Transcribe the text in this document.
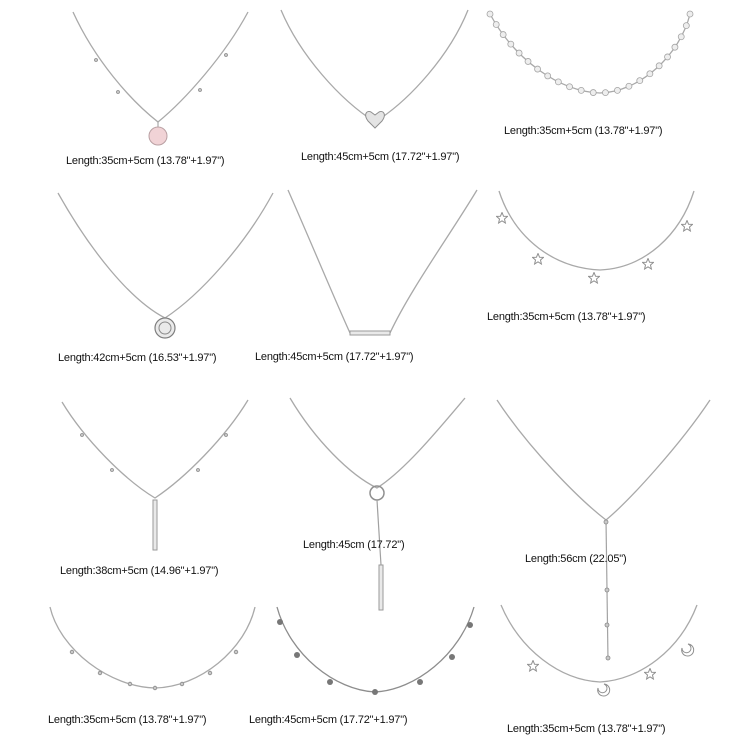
Length:35cm+5cm (13.78"+1.97")	Length:45cm+5cm (17.72"+1.97")
Length:35cm+5cm (13.78"+1.97")
Length:42cm+5cm (16.53"+1.97")	Length:45cm+5cm (17.72"+1.97")
Length:35cm+5cm (13.78"+1.97")
Length:38cm+5cm (14.96"+1.97")
Length:45cm (17.72")
Length:56cm (22.05")
Length:35cm+5cm (13.78"+1.97")	Length:45cm+5cm (17.72"+1.97")
Length:35cm+5cm (13.78"+1.97")
